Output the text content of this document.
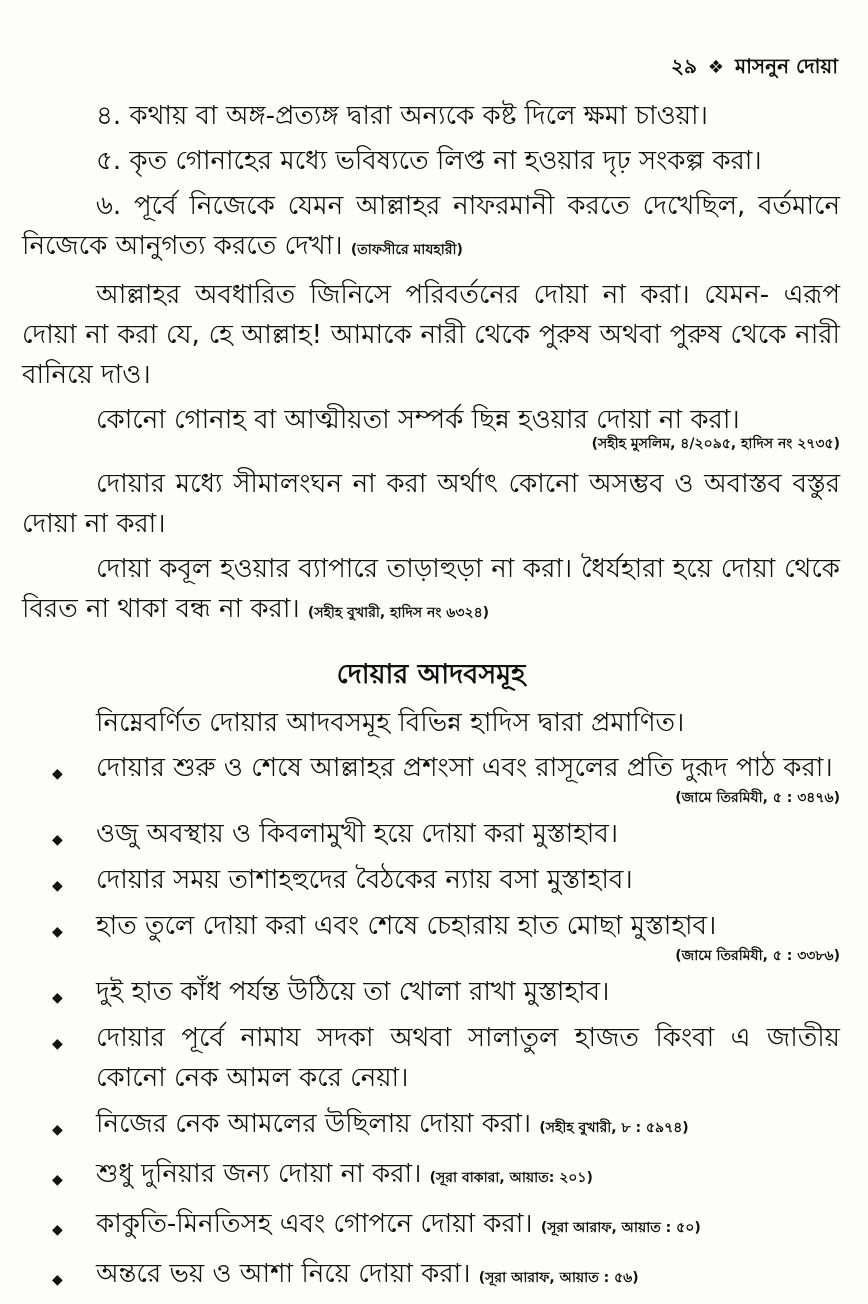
২৯ ❖ মাসনুন দোয়া

৪. কথায় বা অঙ্গ-প্রত্যঙ্গ দ্বারা অন্যকে কষ্ট দিলে ক্ষমা চাওয়া।

৫. কৃত গোনাহের মধ্যে ভবিষ্যতে লিপ্ত না হওয়ার দৃঢ় সংকল্প করা।

৬. পূর্বে নিজেকে যেমন আল্লাহর নাফরমানী করতে দেখেছিল, বর্তমানে নিজেকে আনুগত্য করতে দেখা। (তাফসীরে মাযহারী)

আল্লাহর অবধারিত জিনিসে পরিবর্তনের দোয়া না করা। যেমন- এরূপ দোয়া না করা যে, হে আল্লাহ! আমাকে নারী থেকে পুরুষ অথবা পুরুষ থেকে নারী বানিয়ে দাও।

কোনো গোনাহ বা আত্মীয়তা সম্পর্ক ছিন্ন হওয়ার দোয়া না করা।

(সহীহ মুসলিম, ৪/২০৯৫, হাদিস নং ২৭৩৫)

দোয়ার মধ্যে সীমালংঘন না করা অর্থাৎ কোনো অসম্ভব ও অবাস্তব বস্তুর দোয়া না করা।

দোয়া কবূল হওয়ার ব্যাপারে তাড়াহুড়া না করা। ধৈর্যহারা হয়ে দোয়া থেকে বিরত না থাকা বন্ধ না করা। (সহীহ বুখারী, হাদিস নং ৬৩২৪)

দোয়ার আদবসমূহ

নিম্নেবর্ণিত দোয়ার আদবসমূহ বিভিন্ন হাদিস দ্বারা প্রমাণিত।

◆ দোয়ার শুরু ও শেষে আল্লাহর প্রশংসা এবং রাসূলের প্রতি দুরূদ পাঠ করা।
(জামে তিরমিযী, ৫ : ৩৪৭৬)
◆ ওজু অবস্থায় ও কিবলামুখী হয়ে দোয়া করা মুস্তাহাব।
◆ দোয়ার সময় তাশাহহুদের বৈঠকের ন্যায় বসা মুস্তাহাব।
◆ হাত তুলে দোয়া করা এবং শেষে চেহারায় হাত মোছা মুস্তাহাব।
(জামে তিরমিযী, ৫ : ৩৩৮৬)
◆ দুই হাত কাঁধ পর্যন্ত উঠিয়ে তা খোলা রাখা মুস্তাহাব।
◆ দোয়ার পূর্বে নামায সদকা অথবা সালাতুল হাজত কিংবা এ জাতীয় কোনো নেক আমল করে নেয়া।
◆ নিজের নেক আমলের উছিলায় দোয়া করা। (সহীহ বুখারী, ৮ : ৫৯৭৪)
◆ শুধু দুনিয়ার জন্য দোয়া না করা। (সূরা বাকারা, আয়াত: ২০১)
◆ কাকুতি-মিনতিসহ এবং গোপনে দোয়া করা। (সূরা আরাফ, আয়াত : ৫০)
◆ অন্তরে ভয় ও আশা নিয়ে দোয়া করা। (সূরা আরাফ, আয়াত : ৫৬)
